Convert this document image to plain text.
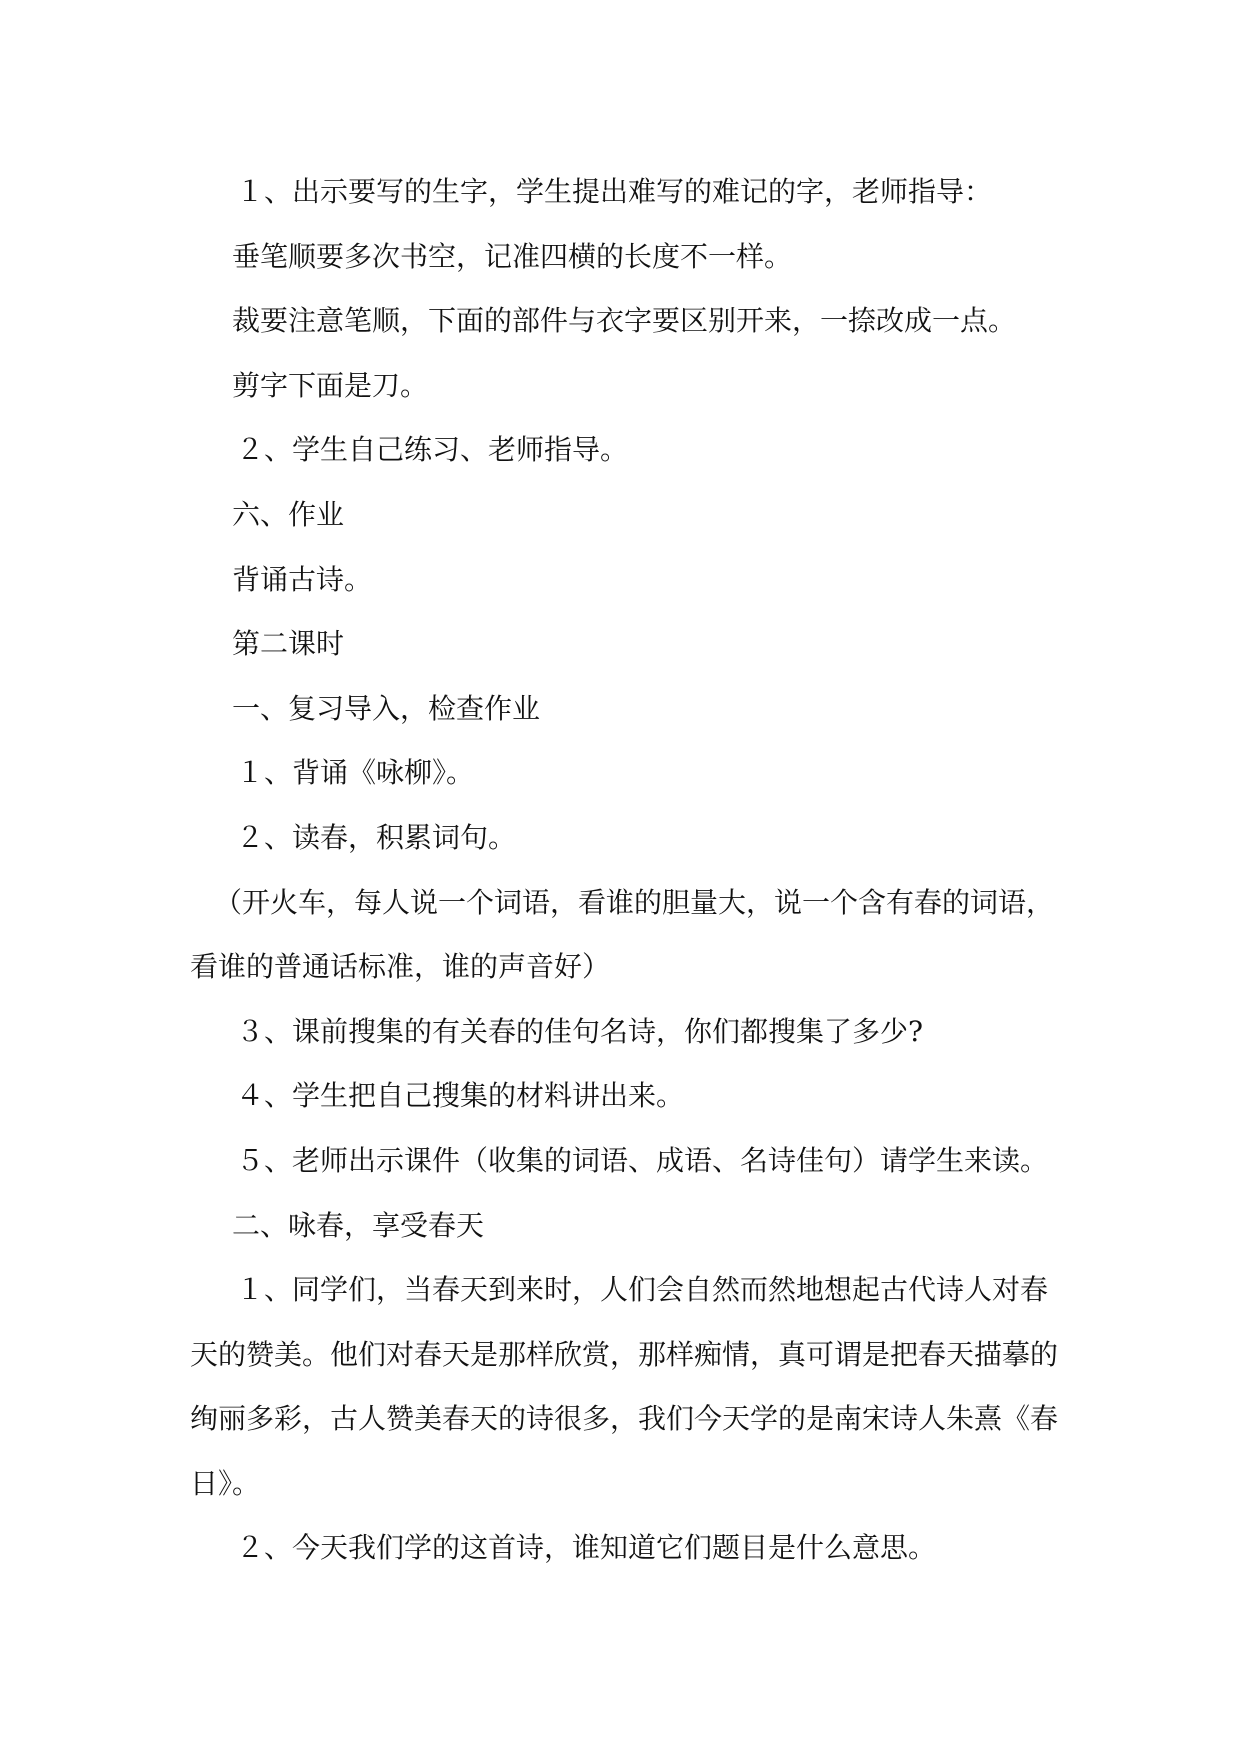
１、出示要写的生字，学生提出难写的难记的字，老师指导：

垂笔顺要多次书空，记准四横的长度不一样。

裁要注意笔顺，下面的部件与衣字要区别开来，一捺改成一点。

剪字下面是刀。

２、学生自己练习、老师指导。

六、作业

背诵古诗。

第二课时

一、复习导入，检查作业

１、背诵《咏柳》。

２、读春，积累词句。

（开火车，每人说一个词语，看谁的胆量大，说一个含有春的词语，看谁的普通话标准，谁的声音好）

３、课前搜集的有关春的佳句名诗，你们都搜集了多少?

４、学生把自己搜集的材料讲出来。

５、老师出示课件（收集的词语、成语、名诗佳句）请学生来读。

二、咏春，享受春天

１、同学们，当春天到来时，人们会自然而然地想起古代诗人对春天的赞美。他们对春天是那样欣赏，那样痴情，真可谓是把春天描摹的绚丽多彩，古人赞美春天的诗很多，我们今天学的是南宋诗人朱熹《春日》。

２、今天我们学的这首诗，谁知道它们题目是什么意思。
